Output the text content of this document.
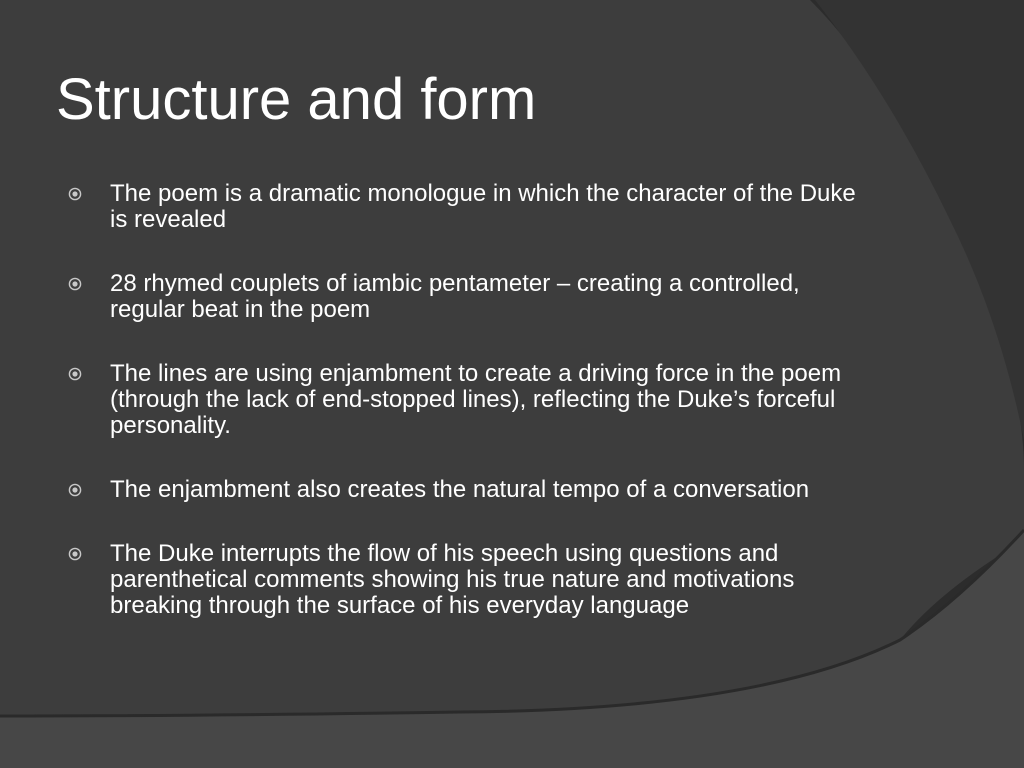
Structure and form
The poem is a dramatic monologue in which the character of the Duke is revealed
28 rhymed couplets of iambic pentameter – creating a controlled, regular beat in the poem
The lines are using enjambment to create a driving force in the poem (through the lack of end-stopped lines), reflecting the Duke’s forceful personality.
The enjambment also creates the natural tempo of a conversation
The Duke interrupts the flow of his speech using questions and parenthetical comments showing his true nature and motivations breaking through the surface of his everyday language
